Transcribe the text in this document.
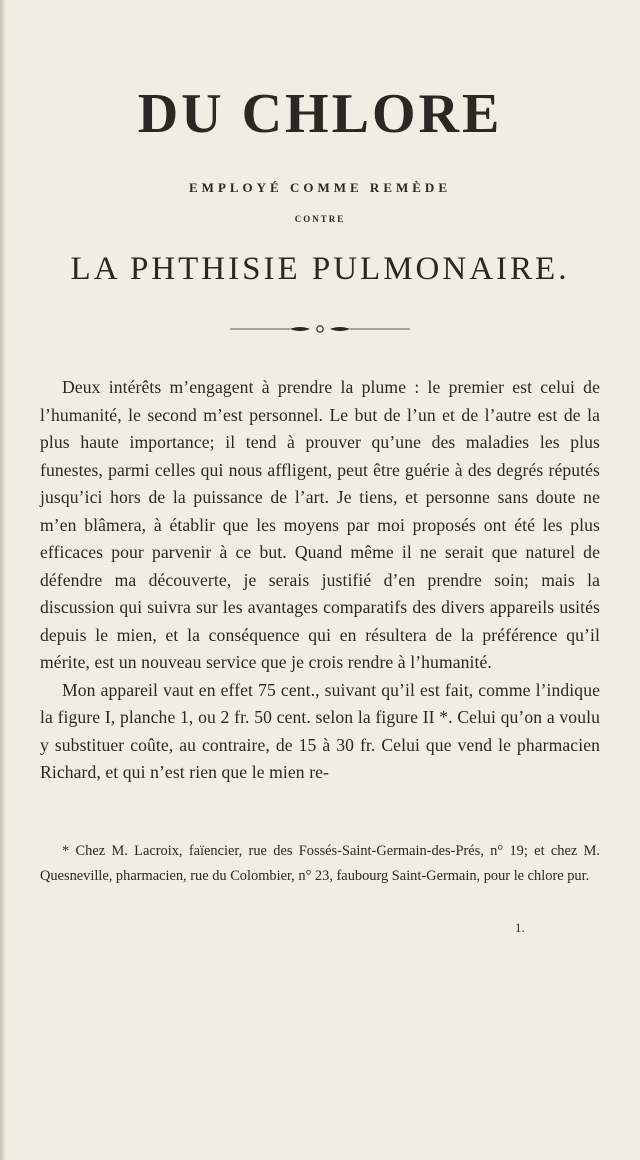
DU CHLORE
EMPLOYÉ COMME REMÈDE
CONTRE
LA PHTHISIE PULMONAIRE.

Deux intérêts m’engagent à prendre la plume : le premier est celui de l’humanité, le second m’est personnel. Le but de l’un et de l’autre est de la plus haute importance; il tend à prouver qu’une des maladies les plus funestes, parmi celles qui nous affligent, peut être guérie à des degrés réputés jusqu’ici hors de la puissance de l’art. Je tiens, et personne sans doute ne m’en blâmera, à établir que les moyens par moi proposés ont été les plus efficaces pour parvenir à ce but. Quand même il ne serait que naturel de défendre ma découverte, je serais justifié d’en prendre soin; mais la discussion qui suivra sur les avantages comparatifs des divers appareils usités depuis le mien, et la conséquence qui en résultera de la préférence qu’il mérite, est un nouveau service que je crois rendre à l’humanité.

Mon appareil vaut en effet 75 cent., suivant qu’il est fait, comme l’indique la figure I, planche 1, ou 2 fr. 50 cent. selon la figure II *. Celui qu’on a voulu y substituer coûte, au contraire, de 15 à 30 fr. Celui que vend le pharmacien Richard, et qui n’est rien que le mien re-

* Chez M. Lacroix, faïencier, rue des Fossés-Saint-Germain-des-Prés, n° 19; et chez M. Quesneville, pharmacien, rue du Colombier, n° 23, faubourg Saint-Germain, pour le chlore pur.

1.
